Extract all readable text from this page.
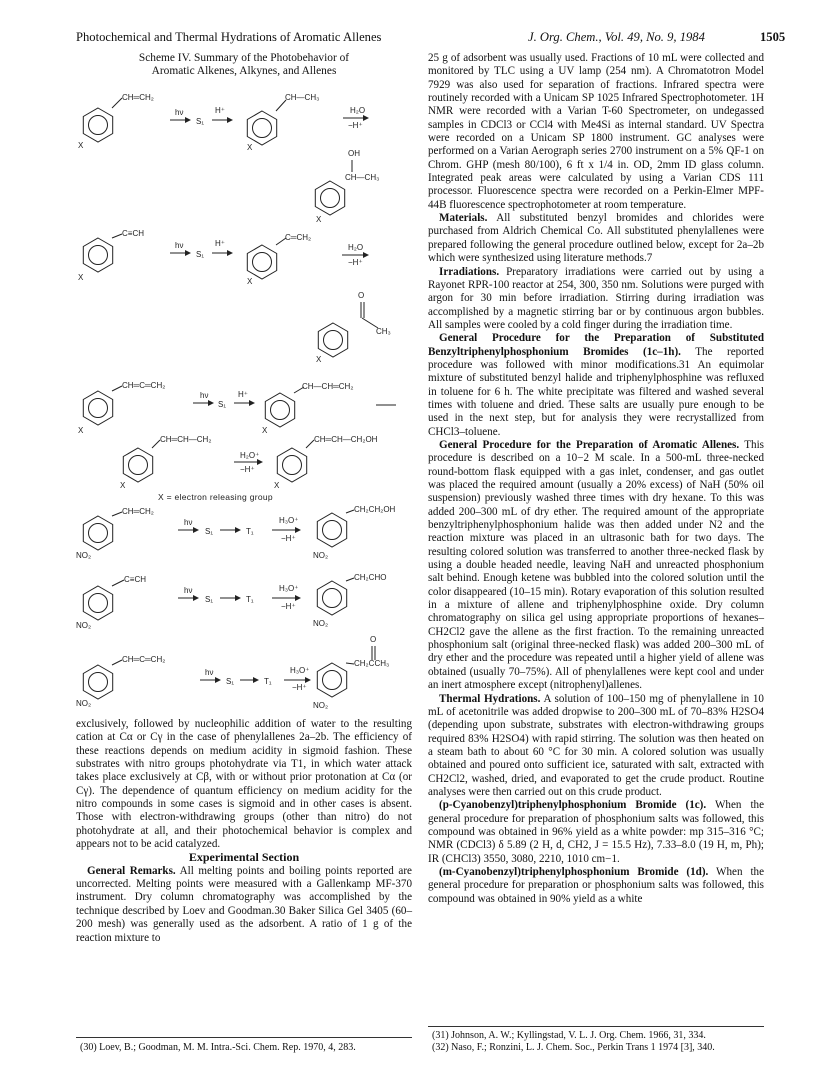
Photochemical and Thermal Hydrations of Aromatic Allenes	J. Org. Chem., Vol. 49, No. 9, 1984	1505
Scheme IV. Summary of the Photobehavior of
Aromatic Alkenes, Alkynes, and Allenes
CH═CH₂
X
hν
S₁
H⁺
CH—CH₃
X
H₂O
−H⁺
OH
CH—CH₃
X
C≡CH
X
hν
S₁
H⁺
C═CH₂
X
H₂O
−H⁺
O
CH₃
X
CH═C═CH₂
X
hν
S₁
H⁺
CH—CH═CH₂
X
CH═CH—CH₂
X
H₂O⁺
−H⁺
CH═CH—CH₂OH
X
X = electron releasing group
CH═CH₂
NO₂
hν
S₁	T₁
H₃O⁺
−H⁺
CH₂CH₂OH
NO₂
C≡CH
NO₂
hν
S₁	T₁
H₃O⁺
−H⁺
CH₂CHO
NO₂
CH═C═CH₂
NO₂
hν
S₁	T₁
H₃O⁺
−H⁺
O
CH₂CCH₃
NO₂

exclusively, followed by nucleophilic addition of water to the resulting cation at Cα or Cγ in the case of phenylallenes 2a–2b. The efficiency of these reactions depends on medium acidity in sigmoid fashion. These substrates with nitro groups photohydrate via T1, in which water attack takes place exclusively at Cβ, with or without prior protonation at Cα (or Cγ). The dependence of quantum efficiency on medium acidity for the nitro compounds in some cases is sigmoid and in other cases is absent. Those with electron-withdrawing groups (other than nitro) do not photohydrate at all, and their photochemical behavior is complex and appears not to be acid catalyzed.

Experimental Section

General Remarks. All melting points and boiling points reported are uncorrected. Melting points were measured with a Gallenkamp MF-370 instrument. Dry column chromatography was accomplished by the technique described by Loev and Goodman.30 Baker Silica Gel 3405 (60–200 mesh) was generally used as the adsorbent. A ratio of 1 g of the reaction mixture to

(30) Loev, B.; Goodman, M. M. Intra.-Sci. Chem. Rep. 1970, 4, 283.

25 g of adsorbent was usually used. Fractions of 10 mL were collected and monitored by TLC using a UV lamp (254 nm). A Chromatotron Model 7929 was also used for separation of fractions. Infrared spectra were routinely recorded with a Unicam SP 1025 Infrared Spectrophotometer. 1H NMR were recorded with a Varian T-60 Spectrometer, on undegassed samples in CDCl3 or CCl4 with Me4Si as internal standard. UV Spectra were recorded on a Unicam SP 1800 instrument. GC analyses were performed on a Varian Aerograph series 2700 instrument on a 5% QF-1 on Chrom. GHP (mesh 80/100), 6 ft x 1/4 in. OD, 2mm ID glass column. Integrated peak areas were calculated by using a Varian CDS 111 processor. Fluorescence spectra were recorded on a Perkin-Elmer MPF-44B fluorescence spectrophotometer at room temperature.

Materials. All substituted benzyl bromides and chlorides were purchased from Aldrich Chemical Co. All substituted phenylallenes were prepared following the general procedure outlined below, except for 2a–2b which were synthesized using literature methods.7

Irradiations. Preparatory irradiations were carried out by using a Rayonet RPR-100 reactor at 254, 300, 350 nm. Solutions were purged with argon for 30 min before irradiation. Stirring during irradiation was accomplished by a magnetic stirring bar or by continuous argon bubbles. All samples were cooled by a cold finger during the irradiation time.

General Procedure for the Preparation of Substituted Benzyltriphenylphosphonium Bromides (1c–1h). The reported procedure was followed with minor modifications.31 An equimolar mixture of substituted benzyl halide and triphenylphosphine was refluxed in toluene for 6 h. The white precipitate was filtered and washed several times with toluene and dried. These salts are usually pure enough to be used in the next step, but for analysis they were recrystallized from CHCl3–toluene.

General Procedure for the Preparation of Aromatic Allenes. This procedure is described on a 10−2 M scale. In a 500-mL three-necked round-bottom flask equipped with a gas inlet, condenser, and gas outlet was placed the required amount (usually a 20% excess) of NaH (50% oil suspension) previously washed three times with dry hexane. To this was added 200–300 mL of dry ether. The required amount of the appropriate benzyltriphenylphosphonium halide was then added under N2 and the reaction mixture was placed in an ultrasonic bath for two days. The resulting colored solution was transferred to another three-necked flask by using a double headed needle, leaving NaH and unreacted phosphonium salt behind. Enough ketene was bubbled into the colored solution until the color disappeared (10–15 min). Rotary evaporation of this solution resulted in a mixture of allene and triphenylphosphine oxide. Dry column chromatography on silica gel using appropriate proportions of hexanes–CH2Cl2 gave the allene as the first fraction. To the remaining unreacted phosphonium salt (original three-necked flask) was added 200–300 mL of dry ether and the procedure was repeated until a higher yield of allene was obtained (usually 70–75%). All of phenylallenes were kept cool and under an inert atmosphere except (nitrophenyl)allenes.

Thermal Hydrations. A solution of 100–150 mg of phenylallene in 10 mL of acetonitrile was added dropwise to 200–300 mL of 70–83% H2SO4 (depending upon substrate, substrates with electron-withdrawing groups required 83% H2SO4) with rapid stirring. The solution was then heated on a steam bath to about 60 °C for 30 min. A colored solution was usually obtained and poured onto sufficient ice, saturated with salt, extracted with CH2Cl2, washed, dried, and evaporated to get the crude product. Routine analyses were then carried out on this crude product.

(p-Cyanobenzyl)triphenylphosphonium Bromide (1c). When the general procedure for preparation of phosphonium salts was followed, this compound was obtained in 96% yield as a white powder: mp 315–316 °C; NMR (CDCl3) δ 5.89 (2 H, d, CH2, J = 15.5 Hz), 7.33–8.0 (19 H, m, Ph); IR (CHCl3) 3550, 3080, 2210, 1010 cm−1.

(m-Cyanobenzyl)triphenylphosphonium Bromide (1d). When the general procedure for preparation or phosphonium salts was followed, this compound was obtained in 90% yield as a white

(31) Johnson, A. W.; Kyllingstad, V. L. J. Org. Chem. 1966, 31, 334.
(32) Naso, F.; Ronzini, L. J. Chem. Soc., Perkin Trans 1 1974 [3], 340.
